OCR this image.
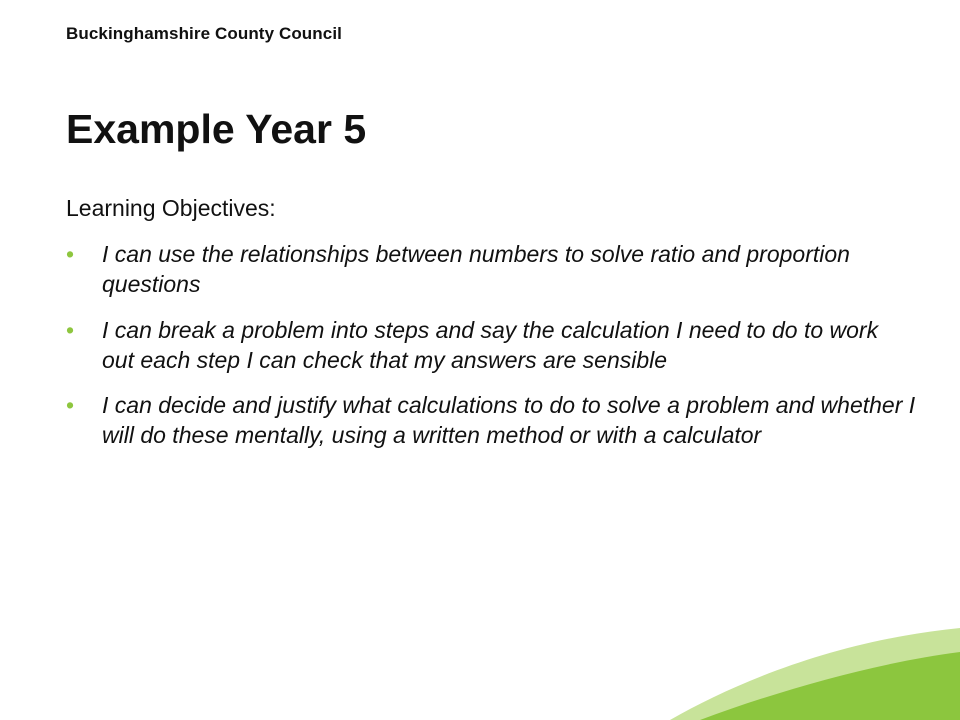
Buckinghamshire County Council
Example Year 5

Learning Objectives:

• I can use the relationships between numbers to solve ratio and proportion questions
• I can break a problem into steps and say the calculation I need to do to work out each step I can check that my answers are sensible
• I can decide and justify what calculations to do to solve a problem and whether I will do these mentally, using a written method or with a calculator
